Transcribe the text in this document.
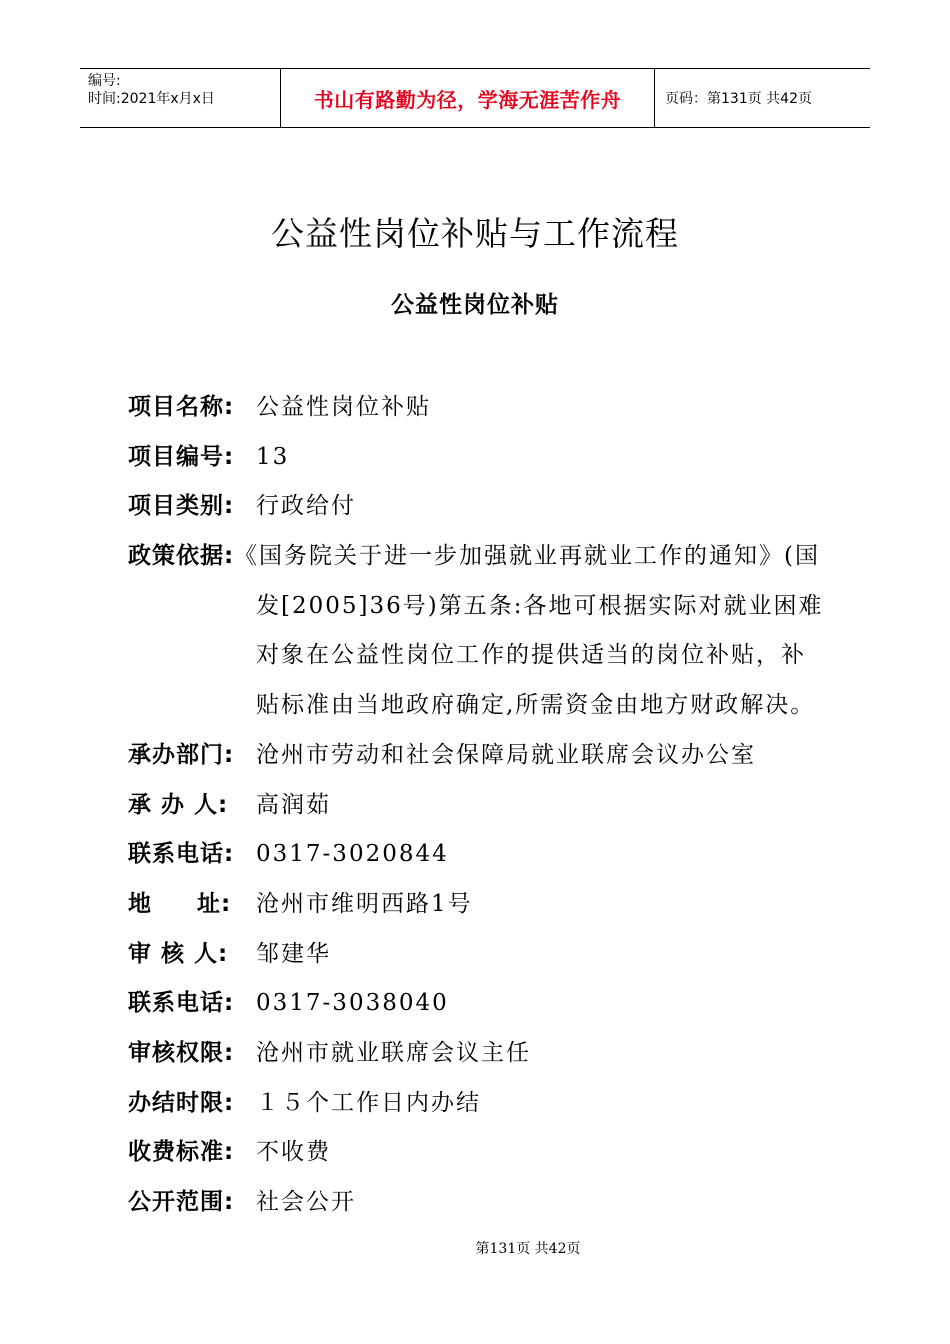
编号:
时间:2021年x月x日	书山有路勤为径，学海无涯苦作舟	页码：第131页 共42页
公益性岗位补贴与工作流程
公益性岗位补贴
项目名称: 公益性岗位补贴
项目编号: 13
项目类别: 行政给付
政策依据: 《国务院关于进一步加强就业再就业工作的通知》(国
发[2005]36号)第五条:各地可根据实际对就业困难
对象在公益性岗位工作的提供适当的岗位补贴，补
贴标准由当地政府确定,所需资金由地方财政解决。
承办部门: 沧州市劳动和社会保障局就业联席会议办公室
承 办 人:	高润茹
联系电话: 0317-3020844
地     址:	沧州市维明西路1号
审 核 人:	邹建华
联系电话: 0317-3038040
审核权限: 沧州市就业联席会议主任
办结时限: １５个工作日内办结
收费标准: 不收费
公开范围: 社会公开
第131页 共42页
